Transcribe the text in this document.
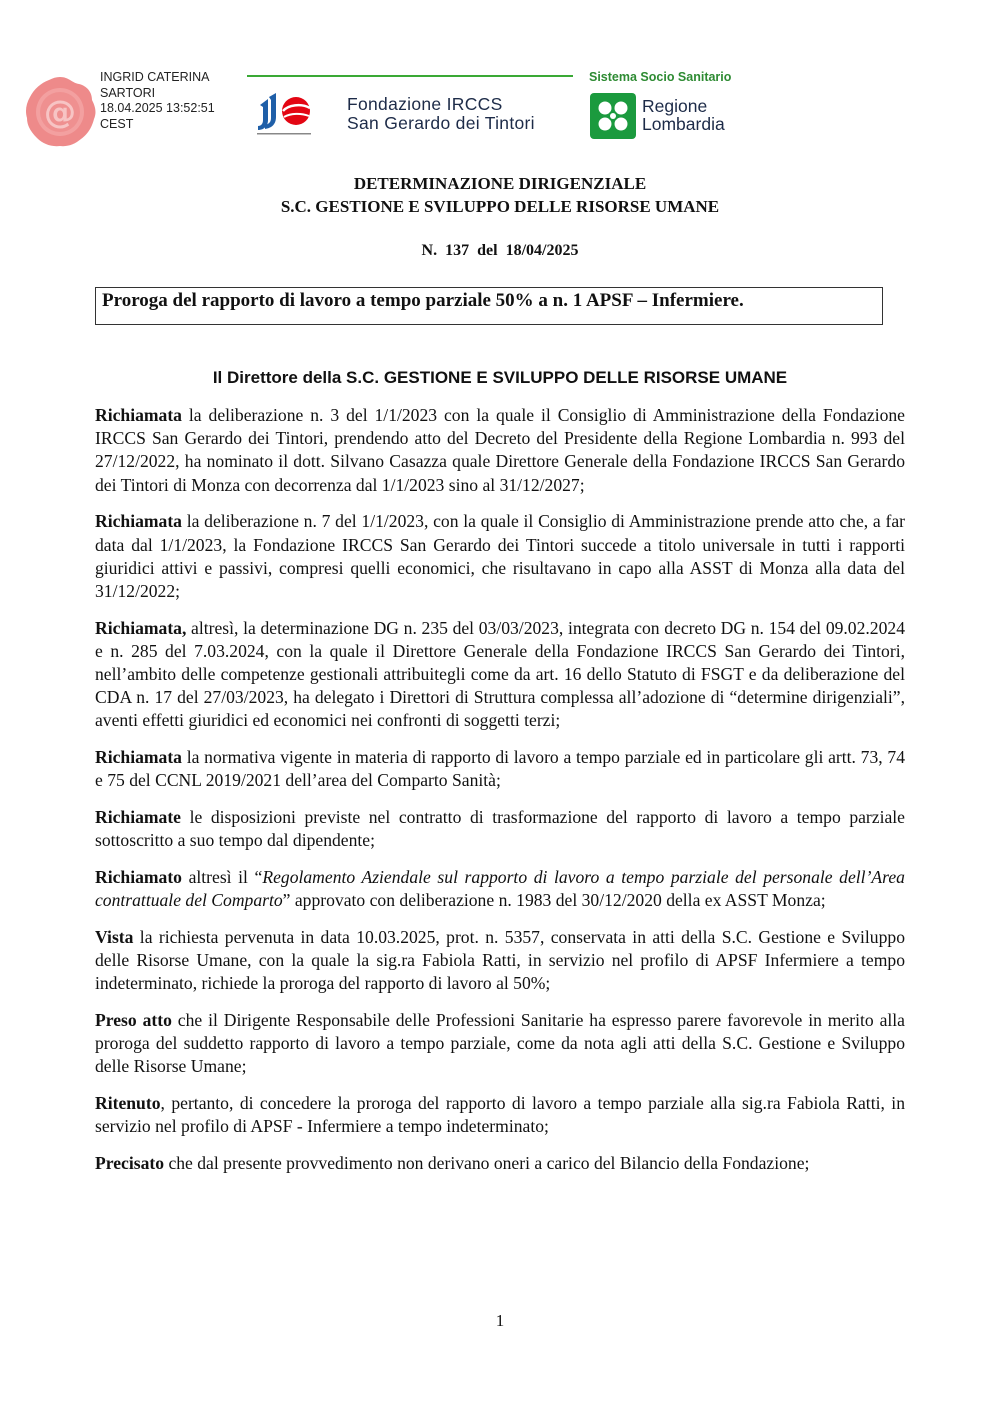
@
INGRID CATERINA
SARTORI
18.04.2025 13:52:51
CEST
Sistema Socio Sanitario
Fondazione IRCCS
San Gerardo dei Tintori
Regione
Lombardia
DETERMINAZIONE DIRIGENZIALE
S.C. GESTIONE E SVILUPPO DELLE RISORSE UMANE
N. 137 del 18/04/2025
Proroga del rapporto di lavoro a tempo parziale 50% a n. 1 APSF – Infermiere.
Il Direttore della S.C. GESTIONE E SVILUPPO DELLE RISORSE UMANE

Richiamata la deliberazione n. 3 del 1/1/2023 con la quale il Consiglio di Amministrazione della Fondazione IRCCS San Gerardo dei Tintori, prendendo atto del Decreto del Presidente della Regione Lombardia n. 993 del 27/12/2022, ha nominato il dott. Silvano Casazza quale Direttore Generale della Fondazione IRCCS San Gerardo dei Tintori di Monza con decorrenza dal 1/1/2023 sino al 31/12/2027;

Richiamata la deliberazione n. 7 del 1/1/2023, con la quale il Consiglio di Amministrazione prende atto che, a far data dal 1/1/2023, la Fondazione IRCCS San Gerardo dei Tintori succede a titolo universale in tutti i rapporti giuridici attivi e passivi, compresi quelli economici, che risultavano in capo alla ASST di Monza alla data del 31/12/2022;

Richiamata, altresì, la determinazione DG n. 235 del 03/03/2023, integrata con decreto DG n. 154 del 09.02.2024 e n. 285 del 7.03.2024, con la quale il Direttore Generale della Fondazione IRCCS San Gerardo dei Tintori, nell’ambito delle competenze gestionali attribuitegli come da art. 16 dello Statuto di FSGT e da deliberazione del CDA n. 17 del 27/03/2023, ha delegato i Direttori di Struttura complessa all’adozione di “determine dirigenziali”, aventi effetti giuridici ed economici nei confronti di soggetti terzi;

Richiamata la normativa vigente in materia di rapporto di lavoro a tempo parziale ed in particolare gli artt. 73, 74 e 75 del CCNL 2019/2021 dell’area del Comparto Sanità;

Richiamate le disposizioni previste nel contratto di trasformazione del rapporto di lavoro a tempo parziale sottoscritto a suo tempo dal dipendente;

Richiamato altresì il “Regolamento Aziendale sul rapporto di lavoro a tempo parziale del personale dell’Area contrattuale del Comparto” approvato con deliberazione n. 1983 del 30/12/2020 della ex ASST Monza;

Vista la richiesta pervenuta in data 10.03.2025, prot. n. 5357, conservata in atti della S.C. Gestione e Sviluppo delle Risorse Umane, con la quale la sig.ra Fabiola Ratti, in servizio nel profilo di APSF Infermiere a tempo indeterminato, richiede la proroga del rapporto di lavoro al 50%;

Preso atto che il Dirigente Responsabile delle Professioni Sanitarie ha espresso parere favorevole in merito alla proroga del suddetto rapporto di lavoro a tempo parziale, come da nota agli atti della S.C. Gestione e Sviluppo delle Risorse Umane;

Ritenuto, pertanto, di concedere la proroga del rapporto di lavoro a tempo parziale alla sig.ra Fabiola Ratti, in servizio nel profilo di APSF - Infermiere a tempo indeterminato;

Precisato che dal presente provvedimento non derivano oneri a carico del Bilancio della Fondazione;

1
